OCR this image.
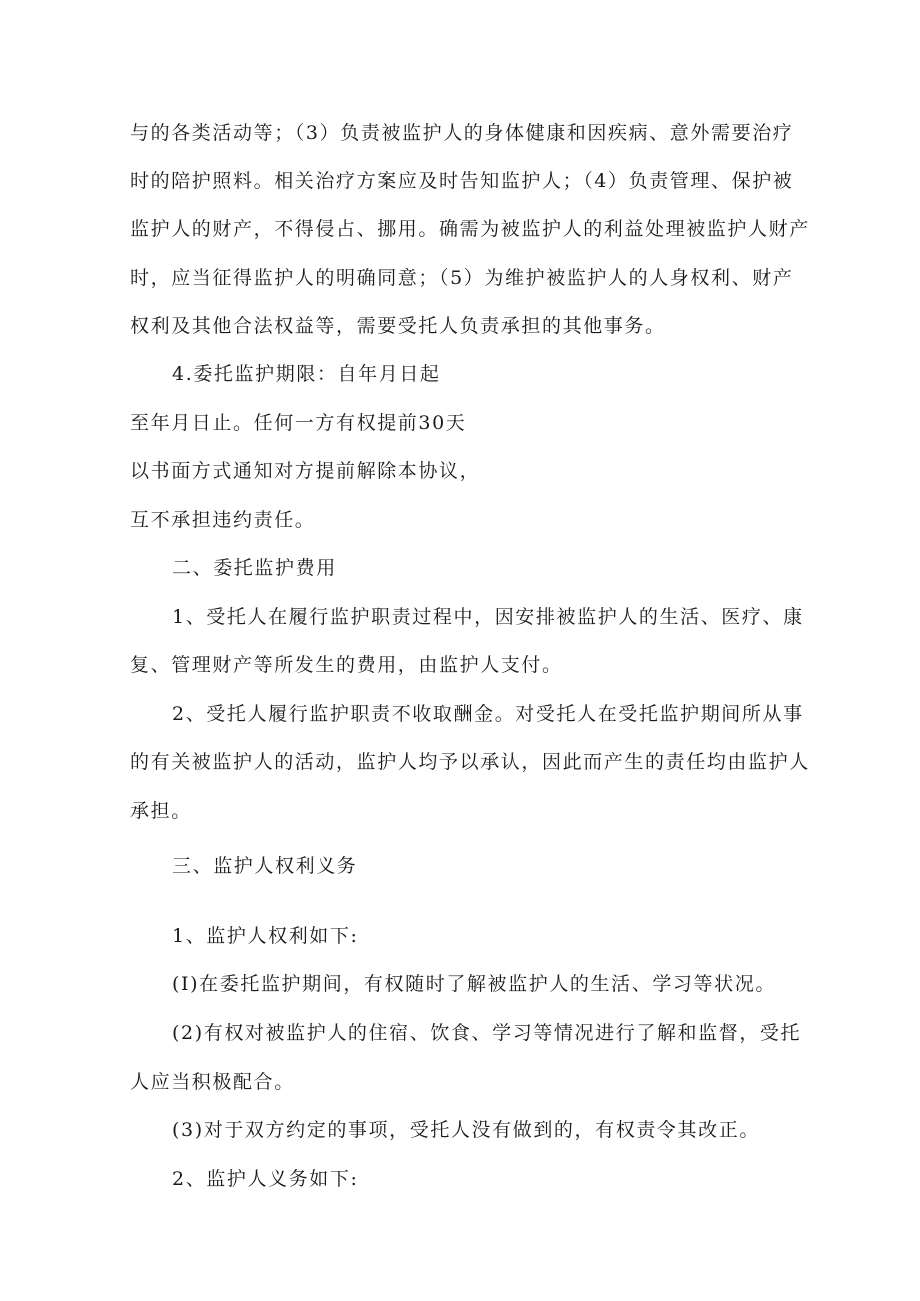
与的各类活动等；（3）负责被监护人的身体健康和因疾病、意外需要治疗
时的陪护照料。相关治疗方案应及时告知监护人；（4）负责管理、保护被
监护人的财产，不得侵占、挪用。确需为被监护人的利益处理被监护人财产
时，应当征得监护人的明确同意；（5）为维护被监护人的人身权利、财产
权利及其他合法权益等，需要受托人负责承担的其他事务。
4.委托监护期限：自年月日起
至年月日止。任何一方有权提前30天
以书面方式通知对方提前解除本协议，
互不承担违约责任。
二、委托监护费用
1、受托人在履行监护职责过程中，因安排被监护人的生活、医疗、康
复、管理财产等所发生的费用，由监护人支付。
2、受托人履行监护职责不收取酬金。对受托人在受托监护期间所从事
的有关被监护人的活动，监护人均予以承认，因此而产生的责任均由监护人
承担。
三、监护人权利义务
1、监护人权利如下:
(I)在委托监护期间，有权随时了解被监护人的生活、学习等状况。
(2)有权对被监护人的住宿、饮食、学习等情况进行了解和监督，受托
人应当积极配合。
(3)对于双方约定的事项，受托人没有做到的，有权责令其改正。
2、监护人义务如下:
